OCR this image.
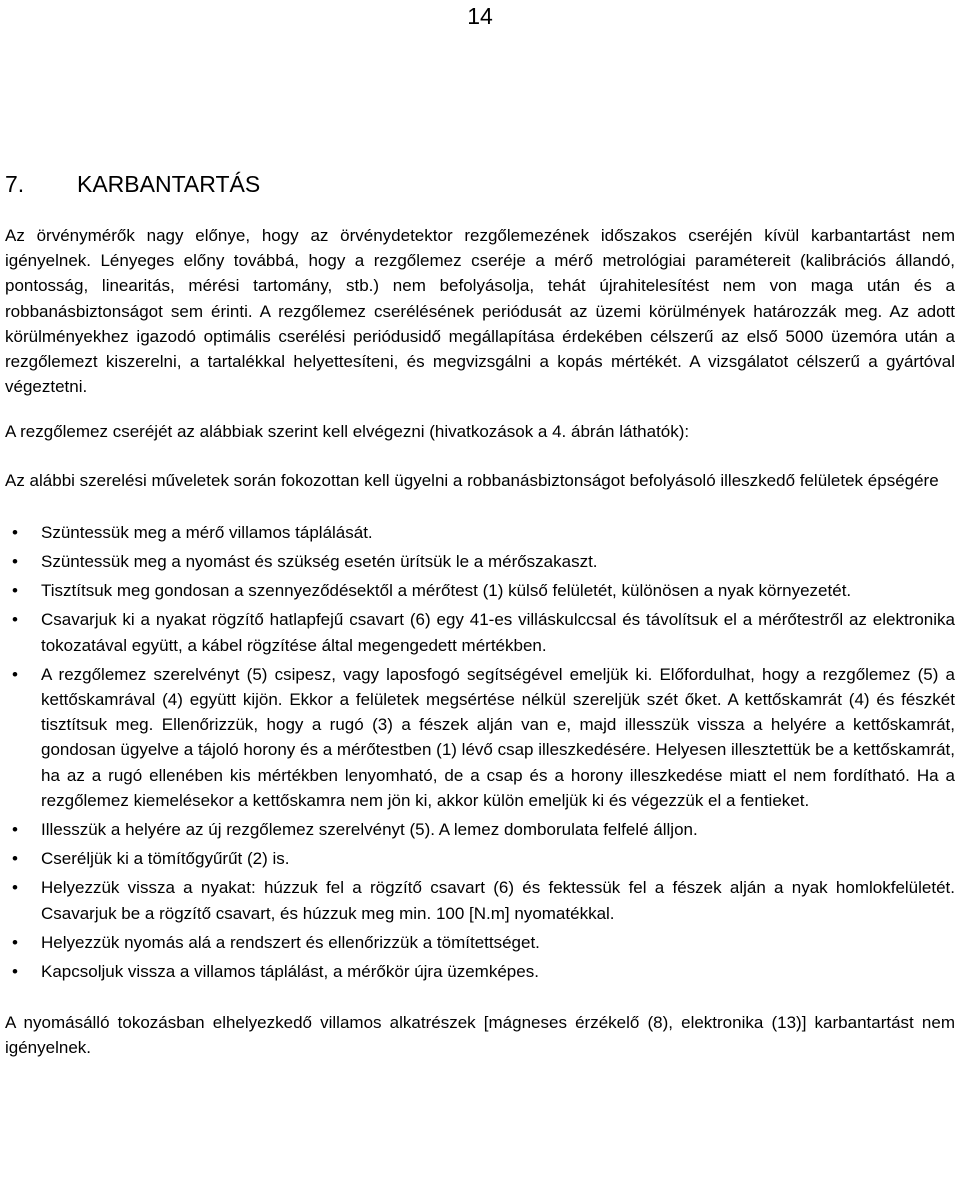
14
7.	KARBANTARTÁS

Az örvénymérők nagy előnye, hogy az örvénydetektor rezgőlemezének időszakos cseréjén kívül karbantartást nem igényelnek. Lényeges előny továbbá, hogy a rezgőlemez cseréje a mérő metrológiai paramétereit (kalibrációs állandó, pontosság, linearitás, mérési tartomány, stb.) nem befolyásolja, tehát újrahitelesítést nem von maga után és a robbanásbiztonságot sem érinti. A rezgőlemez cserélésének periódusát az üzemi körülmények határozzák meg. Az adott körülményekhez igazodó optimális cserélési periódusidő megállapítása érdekében célszerű az első 5000 üzemóra után a rezgőlemezt kiszerelni, a tartalékkal helyettesíteni, és megvizsgálni a kopás mértékét. A vizsgálatot célszerű a gyártóval végeztetni.

A rezgőlemez cseréjét az alábbiak szerint kell elvégezni (hivatkozások a 4. ábrán láthatók):

Az alábbi szerelési műveletek során fokozottan kell ügyelni a robbanásbiztonságot befolyásoló illeszkedő felületek épségére

•	Szüntessük meg a mérő villamos táplálását.
•	Szüntessük meg a nyomást és szükség esetén ürítsük le a mérőszakaszt.
•	Tisztítsuk meg gondosan a szennyeződésektől a mérőtest (1) külső felületét, különösen a nyak környezetét.
•	Csavarjuk ki a nyakat rögzítő hatlapfejű csavart (6) egy 41-es villáskulccsal és távolítsuk el a mérőtestről az elektronika tokozatával együtt, a kábel rögzítése által megengedett mértékben.
•	A rezgőlemez szerelvényt (5) csipesz, vagy laposfogó segítségével emeljük ki. Előfordulhat, hogy a rezgőlemez (5) a kettőskamrával (4) együtt kijön. Ekkor a felületek megsértése nélkül szereljük szét őket. A kettőskamrát (4) és fészkét tisztítsuk meg. Ellenőrizzük, hogy a rugó (3) a fészek alján van e, majd illesszük vissza a helyére a kettőskamrát, gondosan ügyelve a tájoló horony és a mérőtestben (1) lévő csap illeszkedésére. Helyesen illesztettük be a kettőskamrát, ha az a rugó ellenében kis mértékben lenyomható, de a csap és a horony illeszkedése miatt el nem fordítható. Ha a rezgőlemez kiemelésekor a kettőskamra nem jön ki, akkor külön emeljük ki és végezzük el a fentieket.
•	Illesszük a helyére az új rezgőlemez szerelvényt (5). A lemez domborulata felfelé álljon.
•	Cseréljük ki a tömítőgyűrűt (2) is.
•	Helyezzük vissza a nyakat: húzzuk fel a rögzítő csavart (6) és fektessük fel a fészek alján a nyak homlokfelületét. Csavarjuk be a rögzítő csavart, és húzzuk meg min. 100 [N.m] nyomatékkal.
•	Helyezzük nyomás alá a rendszert és ellenőrizzük a tömítettséget.
•	Kapcsoljuk vissza a villamos táplálást, a mérőkör újra üzemképes.

A nyomásálló tokozásban elhelyezkedő villamos alkatrészek [mágneses érzékelő (8), elektronika (13)] karbantartást nem igényelnek.
